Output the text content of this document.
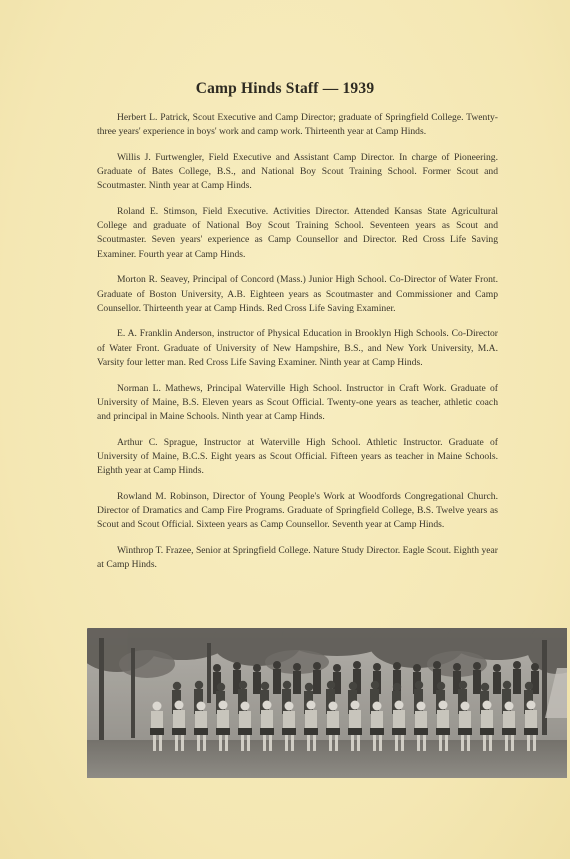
Camp Hinds Staff — 1939

Herbert L. Patrick, Scout Executive and Camp Director; graduate of Springfield College. Twenty-three years' experience in boys' work and camp work. Thirteenth year at Camp Hinds.

Willis J. Furtwengler, Field Executive and Assistant Camp Director. In charge of Pioneering. Graduate of Bates College, B.S., and National Boy Scout Training School. Former Scout and Scoutmaster. Ninth year at Camp Hinds.

Roland E. Stimson, Field Executive. Activities Director. Attended Kansas State Agricultural College and graduate of National Boy Scout Training School. Seventeen years as Scout and Scoutmaster. Seven years' experience as Camp Counsellor and Director. Red Cross Life Saving Examiner. Fourth year at Camp Hinds.

Morton R. Seavey, Principal of Concord (Mass.) Junior High School. Co-Director of Water Front. Graduate of Boston University, A.B. Eighteen years as Scoutmaster and Commissioner and Camp Counsellor. Thirteenth year at Camp Hinds. Red Cross Life Saving Examiner.

E. A. Franklin Anderson, instructor of Physical Education in Brooklyn High Schools. Co-Director of Water Front. Graduate of University of New Hampshire, B.S., and New York University, M.A. Varsity four letter man. Red Cross Life Saving Examiner. Ninth year at Camp Hinds.

Norman L. Mathews, Principal Waterville High School. Instructor in Craft Work. Graduate of University of Maine, B.S. Eleven years as Scout Official. Twenty-one years as teacher, athletic coach and principal in Maine Schools. Ninth year at Camp Hinds.

Arthur C. Sprague, Instructor at Waterville High School. Athletic Instructor. Graduate of University of Maine, B.C.S. Eight years as Scout Official. Fifteen years as teacher in Maine Schools. Eighth year at Camp Hinds.

Rowland M. Robinson, Director of Young People's Work at Woodfords Congregational Church. Director of Dramatics and Camp Fire Programs. Graduate of Springfield College, B.S. Twelve years as Scout and Scout Official. Sixteen years as Camp Counsellor. Seventh year at Camp Hinds.

Winthrop T. Frazee, Senior at Springfield College. Nature Study Director. Eagle Scout. Eighth year at Camp Hinds.
